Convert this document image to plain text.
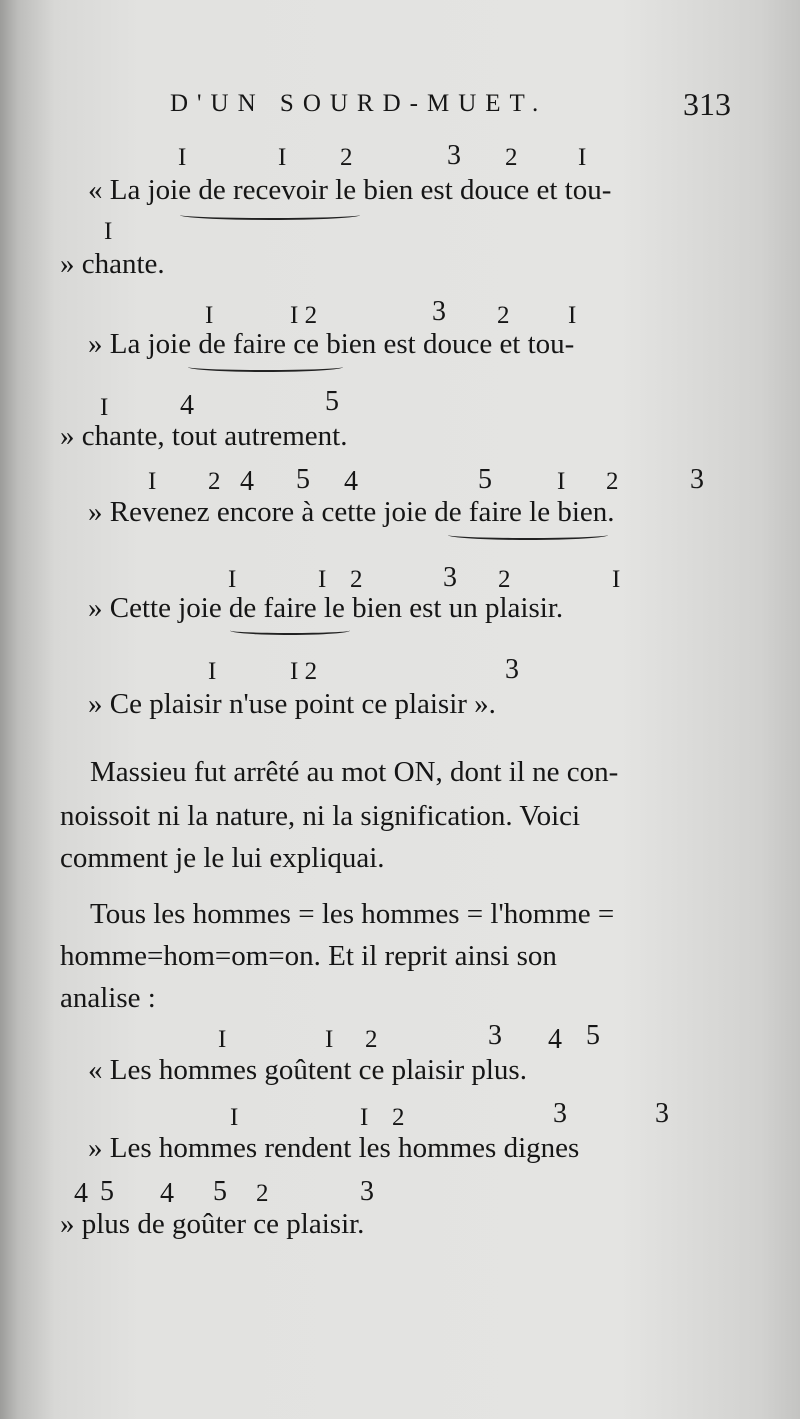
D'UN SOURD-MUET.	313
I	I 2	3 2 I
« La joie de recevoir le bien est douce et tou-
I
» chante.
I	I 2	3 2 I
» La joie de faire ce bien est douce et tou-
I	4	5
» chante, tout autrement.
I 2 4 5 4	5	I 2	3
» Revenez encore à cette joie de faire le bien.
I	I 2	3 2	I
» Cette joie de faire le bien est un plaisir.
I	I 2	3
» Ce plaisir n'use point ce plaisir ».
Massieu fut arrêté au mot ON, dont il ne con-
noissoit ni la nature, ni la signification. Voici
comment je le lui expliquai.
Tous les hommes = les hommes = l'homme =
homme=hom=om=on. Et il reprit ainsi son
analise :
I	I 2	3 4 5
« Les hommes goûtent ce plaisir plus.
I	I 2	3	3
» Les hommes rendent les hommes dignes
4 5 4 5 2	3
» plus de goûter ce plaisir.
